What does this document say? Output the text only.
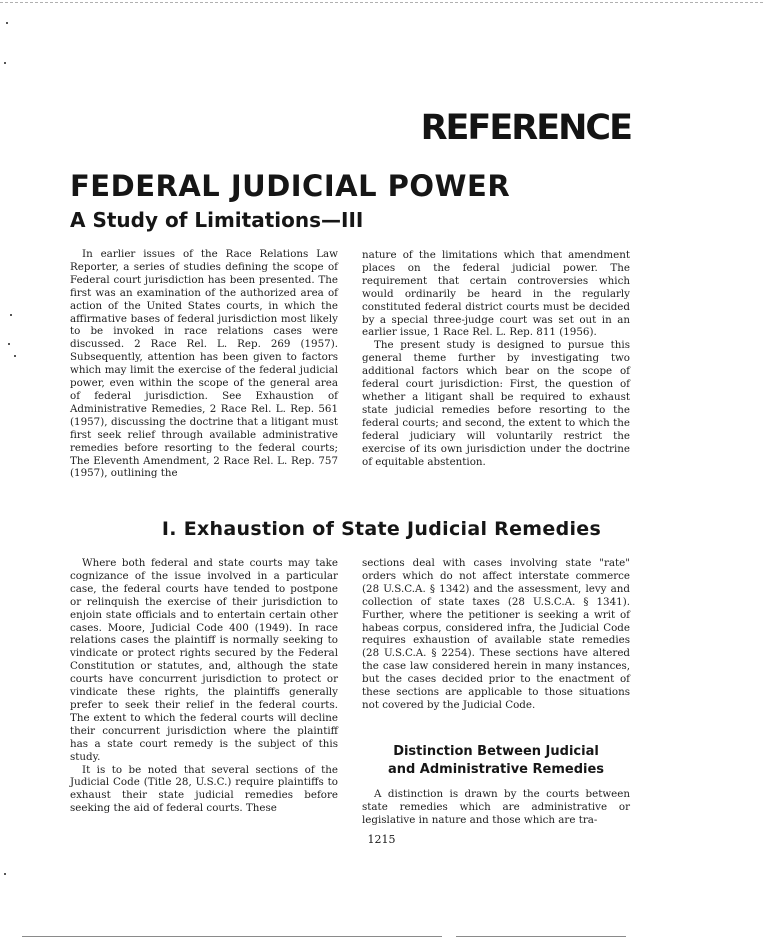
REFERENCE
FEDERAL JUDICIAL POWER
A Study of Limitations—III

In earlier issues of the Race Relations Law Reporter, a series of studies defining the scope of Federal court jurisdiction has been presented. The first was an examination of the authorized area of action of the United States courts, in which the affirmative bases of federal jurisdiction most likely to be invoked in race relations cases were discussed. 2 Race Rel. L. Rep. 269 (1957). Subsequently, attention has been given to factors which may limit the exercise of the federal judicial power, even within the scope of the general area of federal jurisdiction. See Exhaustion of Administrative Remedies, 2 Race Rel. L. Rep. 561 (1957), discussing the doctrine that a litigant must first seek relief through available administrative remedies before resorting to the federal courts; The Eleventh Amendment, 2 Race Rel. L. Rep. 757 (1957), outlining the

nature of the limitations which that amendment places on the federal judicial power. The requirement that certain controversies which would ordinarily be heard in the regularly constituted federal district courts must be decided by a special three-judge court was set out in an earlier issue, 1 Race Rel. L. Rep. 811 (1956).

The present study is designed to pursue this general theme further by investigating two additional factors which bear on the scope of federal court jurisdiction: First, the question of whether a litigant shall be required to exhaust state judicial remedies before resorting to the federal courts; and second, the extent to which the federal judiciary will voluntarily restrict the exercise of its own jurisdiction under the doctrine of equitable abstention.

I. Exhaustion of State Judicial Remedies

Where both federal and state courts may take cognizance of the issue involved in a particular case, the federal courts have tended to postpone or relinquish the exercise of their jurisdiction to enjoin state officials and to entertain certain other cases. Moore, Judicial Code 400 (1949). In race relations cases the plaintiff is normally seeking to vindicate or protect rights secured by the Federal Constitution or statutes, and, although the state courts have concurrent jurisdiction to protect or vindicate these rights, the plaintiffs generally prefer to seek their relief in the federal courts. The extent to which the federal courts will decline their concurrent jurisdiction where the plaintiff has a state court remedy is the subject of this study.

It is to be noted that several sections of the Judicial Code (Title 28, U.S.C.) require plaintiffs to exhaust their state judicial remedies before seeking the aid of federal courts. These

sections deal with cases involving state "rate" orders which do not affect interstate commerce (28 U.S.C.A. § 1342) and the assessment, levy and collection of state taxes (28 U.S.C.A. § 1341). Further, where the petitioner is seeking a writ of habeas corpus, considered infra, the Judicial Code requires exhaustion of available state remedies (28 U.S.C.A. § 2254). These sections have altered the case law considered herein in many instances, but the cases decided prior to the enactment of these sections are applicable to those situations not covered by the Judicial Code.

Distinction Between Judicial
and Administrative Remedies

A distinction is drawn by the courts between state remedies which are administrative or legislative in nature and those which are tra-

1215
